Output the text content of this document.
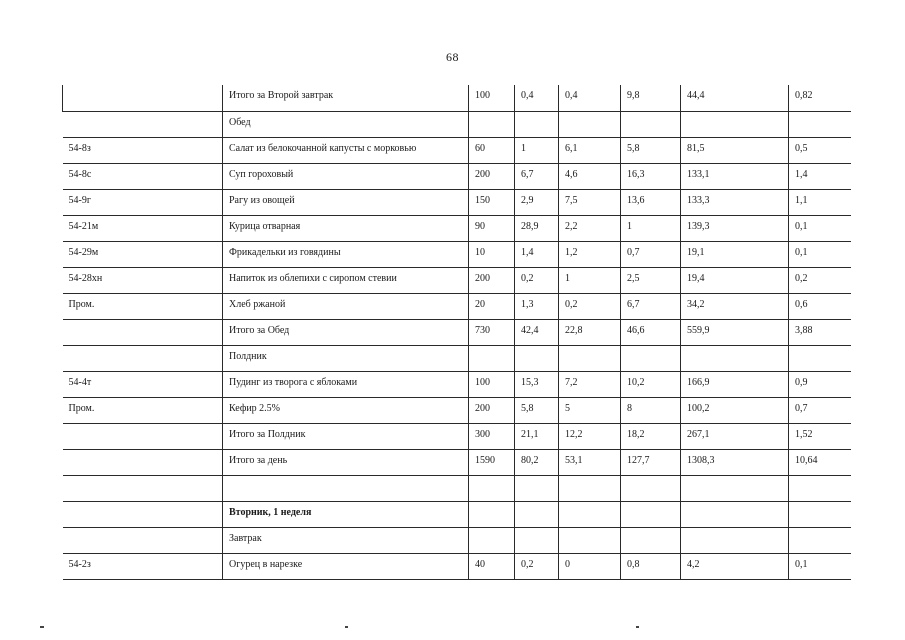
68
	Итого за Второй завтрак	100	0,4	0,4	9,8	44,4	0,82
	Обед						
54-8з	Салат из белокочанной капусты с морковью	60	1	6,1	5,8	81,5	0,5
54-8с	Суп гороховый	200	6,7	4,6	16,3	133,1	1,4
54-9г	Рагу из овощей	150	2,9	7,5	13,6	133,3	1,1
54-21м	Курица отварная	90	28,9	2,2	1	139,3	0,1
54-29м	Фрикадельки из говядины	10	1,4	1,2	0,7	19,1	0,1
54-28хн	Напиток из облепихи с сиропом стевии	200	0,2	1	2,5	19,4	0,2
Пром.	Хлеб ржаной	20	1,3	0,2	6,7	34,2	0,6
	Итого за Обед	730	42,4	22,8	46,6	559,9	3,88
	Полдник						
54-4т	Пудинг из творога с яблоками	100	15,3	7,2	10,2	166,9	0,9
Пром.	Кефир 2.5%	200	5,8	5	8	100,2	0,7
	Итого за Полдник	300	21,1	12,2	18,2	267,1	1,52
	Итого за день	1590	80,2	53,1	127,7	1308,3	10,64

	Вторник, 1 неделя						
	Завтрак						
54-2з	Огурец в нарезке	40	0,2	0	0,8	4,2	0,1
